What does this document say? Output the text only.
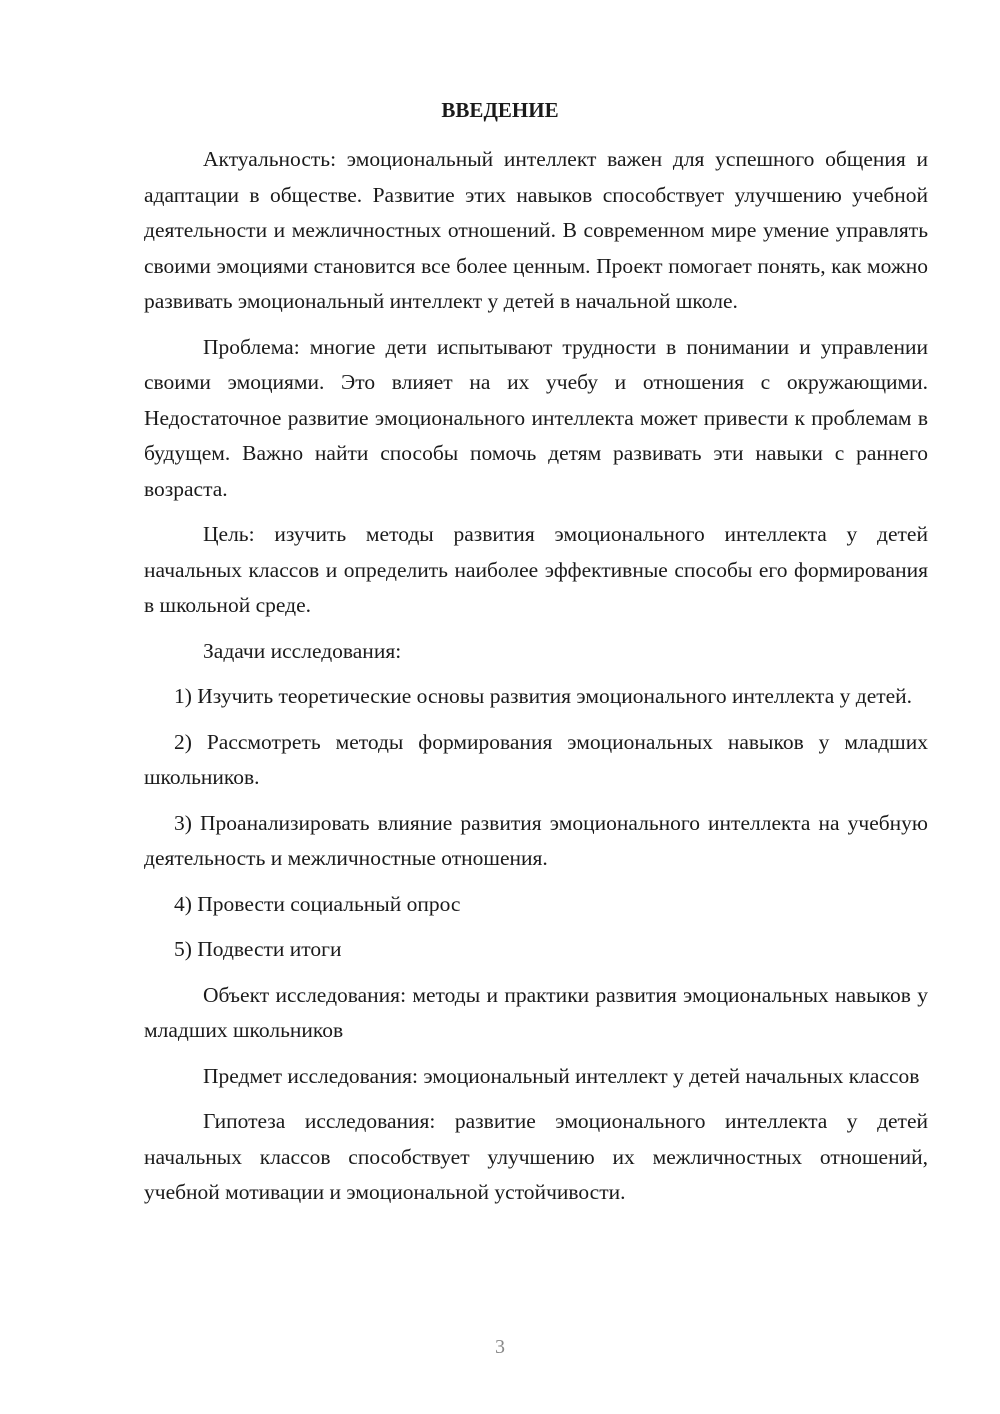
ВВЕДЕНИЕ

Актуальность: эмоциональный интеллект важен для успешного общения и адаптации в обществе. Развитие этих навыков способствует улучшению учебной деятельности и межличностных отношений. В современном мире умение управлять своими эмоциями становится все более ценным. Проект помогает понять, как можно развивать эмоциональный интеллект у детей в начальной школе.

Проблема: многие дети испытывают трудности в понимании и управлении своими эмоциями. Это влияет на их учебу и отношения с окружающими. Недостаточное развитие эмоционального интеллекта может привести к проблемам в будущем. Важно найти способы помочь детям развивать эти навыки с раннего возраста.

Цель: изучить методы развития эмоционального интеллекта у детей начальных классов и определить наиболее эффективные способы его формирования в школьной среде.

Задачи исследования:

1) Изучить теоретические основы развития эмоционального интеллекта у детей.

2) Рассмотреть методы формирования эмоциональных навыков у младших школьников.

3) Проанализировать влияние развития эмоционального интеллекта на учебную деятельность и межличностные отношения.

4) Провести социальный опрос

5) Подвести итоги

Объект исследования: методы и практики развития эмоциональных навыков у младших школьников

Предмет исследования: эмоциональный интеллект у детей начальных классов

Гипотеза исследования: развитие эмоционального интеллекта у детей начальных классов способствует улучшению их межличностных отношений, учебной мотивации и эмоциональной устойчивости.

3
